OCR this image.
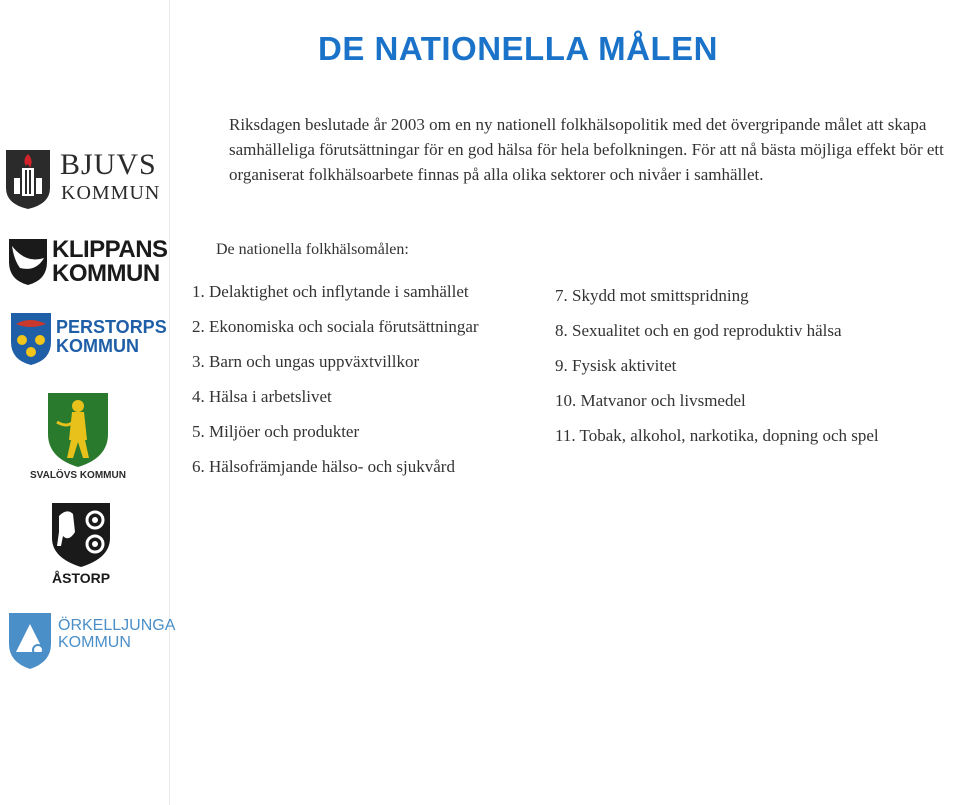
DE NATIONELLA MÅLEN

Riksdagen beslutade år 2003 om en ny nationell folkhälsopolitik med det övergripande målet att skapa samhälleliga förutsättningar för en god hälsa för hela befolkningen. För att nå bästa möjliga effekt bör ett organiserat folkhälsoarbete finnas på alla olika sektorer och nivåer i samhället.

De nationella folkhälsomålen:
1. Delaktighet och inflytande i samhället
2. Ekonomiska och sociala förutsättningar
3. Barn och ungas uppväxtvillkor
4. Hälsa i arbetslivet
5. Miljöer och produkter
6. Hälsofrämjande hälso- och sjukvård
7. Skydd mot smittspridning
8. Sexualitet och en god reproduktiv hälsa
9. Fysisk aktivitet
10. Matvanor och livsmedel
11. Tobak, alkohol, narkotika, dopning och spel
BJUVS
KOMMUN
KLIPPANS
KOMMUN
PERSTORPS
KOMMUN
SVALÖVS KOMMUN
ÅSTORP
ÖRKELLJUNGA
KOMMUN
